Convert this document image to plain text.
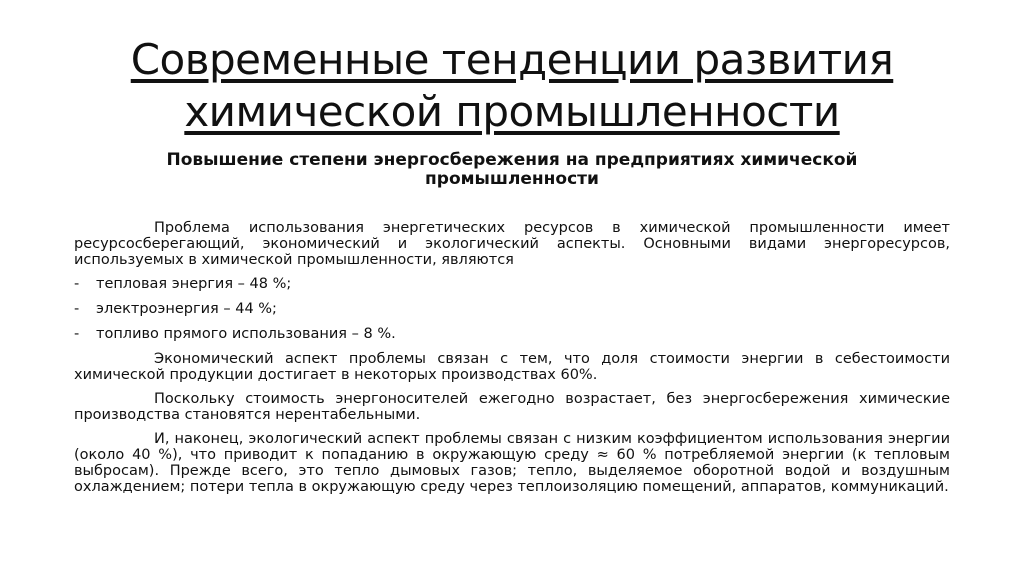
Современные тенденции развития
химической промышленности
Повышение степени энергосбережения на предприятиях химической промышленности

Проблема использования энергетических ресурсов в химической промышленности имеет ресурсосберегающий, экономический и экологический аспекты. Основными видами энергоресурсов, используемых в химической промышленности, являются

-	тепловая энергия – 48 %;
-	электроэнергия – 44 %;
-	топливо прямого использования – 8 %.

Экономический аспект проблемы связан с тем, что доля стоимости энергии в себестоимости химической продукции достигает в некоторых производствах 60%.

Поскольку стоимость энергоносителей ежегодно возрастает, без энергосбережения химические производства становятся нерентабельными.

И, наконец, экологический аспект проблемы связан с низким коэффициентом использования энергии (около 40 %), что приводит к попаданию в окружающую среду ≈ 60 % потребляемой энергии (к тепловым выбросам). Прежде всего, это тепло дымовых газов; тепло, выделяемое оборотной водой и воздушным охлаждением; потери тепла в окружающую среду через теплоизоляцию помещений, аппаратов, коммуникаций.
